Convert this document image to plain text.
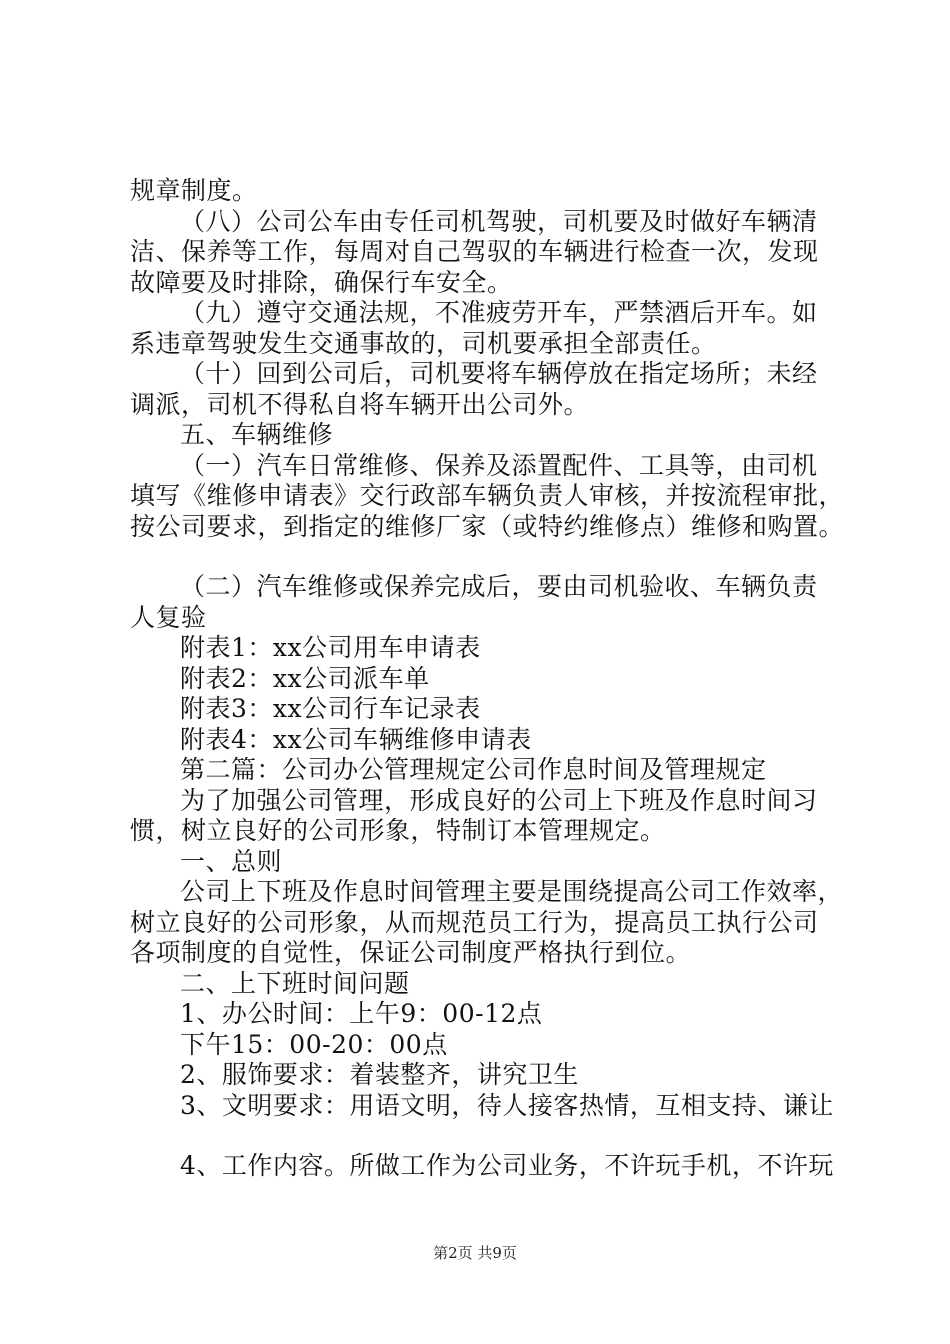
规章制度。
（八）公司公车由专任司机驾驶，司机要及时做好车辆清
洁、保养等工作，每周对自己驾驭的车辆进行检查一次，发现
故障要及时排除，确保行车安全。
（九）遵守交通法规，不准疲劳开车，严禁酒后开车。如
系违章驾驶发生交通事故的，司机要承担全部责任。
（十）回到公司后，司机要将车辆停放在指定场所；未经
调派，司机不得私自将车辆开出公司外。
五、车辆维修
（一）汽车日常维修、保养及添置配件、工具等，由司机
填写《维修申请表》交行政部车辆负责人审核，并按流程审批，
按公司要求，到指定的维修厂家（或特约维修点）维修和购置。
（二）汽车维修或保养完成后，要由司机验收、车辆负责
人复验
附表1：xx公司用车申请表
附表2：xx公司派车单
附表3：xx公司行车记录表
附表4：xx公司车辆维修申请表
第二篇：公司办公管理规定公司作息时间及管理规定
为了加强公司管理，形成良好的公司上下班及作息时间习
惯，树立良好的公司形象，特制订本管理规定。
一、总则
公司上下班及作息时间管理主要是围绕提高公司工作效率，
树立良好的公司形象，从而规范员工行为，提高员工执行公司
各项制度的自觉性，保证公司制度严格执行到位。
二、上下班时间问题
1、办公时间：上午9：00-12点
下午15：00-20：00点
2、服饰要求：着装整齐，讲究卫生
3、文明要求：用语文明，待人接客热情，互相支持、谦让
4、工作内容。所做工作为公司业务，不许玩手机，不许玩
第2页 共9页
